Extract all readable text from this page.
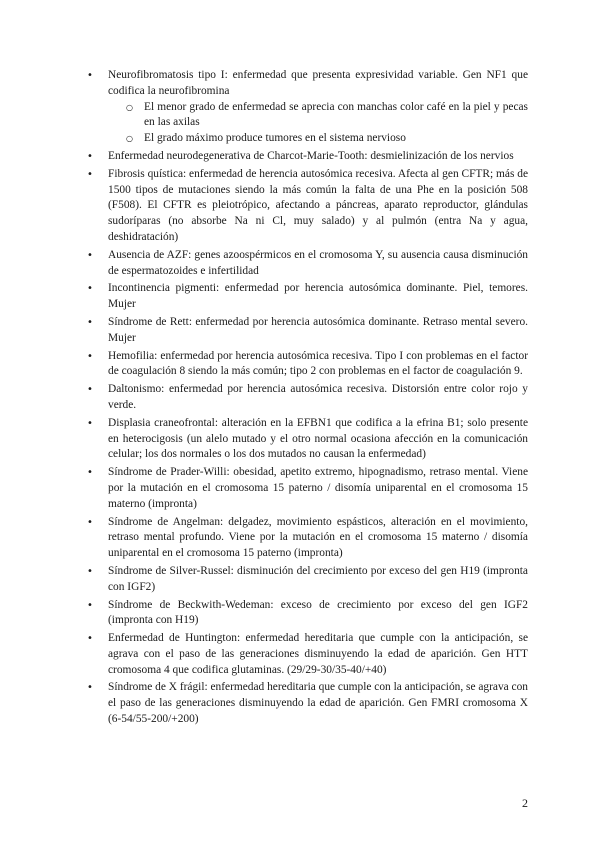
• Neurofibromatosis tipo I: enfermedad que presenta expresividad variable. Gen NF1 que codifica la neurofibromina
○ El menor grado de enfermedad se aprecia con manchas color café en la piel y pecas en las axilas
○ El grado máximo produce tumores en el sistema nervioso
• Enfermedad neurodegenerativa de Charcot-Marie-Tooth: desmielinización de los nervios
• Fibrosis quística: enfermedad de herencia autosómica recesiva. Afecta al gen CFTR; más de 1500 tipos de mutaciones siendo la más común la falta de una Phe en la posición 508 (F508). El CFTR es pleiotrópico, afectando a páncreas, aparato reproductor, glándulas sudoríparas (no absorbe Na ni Cl, muy salado) y al pulmón (entra Na y agua, deshidratación)
• Ausencia de AZF: genes azoospérmicos en el cromosoma Y, su ausencia causa disminución de espermatozoides e infertilidad
• Incontinencia pigmenti: enfermedad por herencia autosómica dominante. Piel, temores. Mujer
• Síndrome de Rett: enfermedad por herencia autosómica dominante. Retraso mental severo. Mujer
• Hemofilia: enfermedad por herencia autosómica recesiva. Tipo I con problemas en el factor de coagulación 8 siendo la más común; tipo 2 con problemas en el factor de coagulación 9.
• Daltonismo: enfermedad por herencia autosómica recesiva. Distorsión entre color rojo y verde.
• Displasia craneofrontal: alteración en la EFBN1 que codifica a la efrina B1; solo presente en heterocigosis (un alelo mutado y el otro normal ocasiona afección en la comunicación celular; los dos normales o los dos mutados no causan la enfermedad)
• Síndrome de Prader-Willi: obesidad, apetito extremo, hipognadismo, retraso mental. Viene por la mutación en el cromosoma 15 paterno / disomía uniparental en el cromosoma 15 materno (impronta)
• Síndrome de Angelman: delgadez, movimiento espásticos, alteración en el movimiento, retraso mental profundo. Viene por la mutación en el cromosoma 15 materno / disomía uniparental en el cromosoma 15 paterno (impronta)
• Síndrome de Silver-Russel: disminución del crecimiento por exceso del gen H19 (impronta con IGF2)
• Síndrome de Beckwith-Wedeman: exceso de crecimiento por exceso del gen IGF2 (impronta con H19)
• Enfermedad de Huntington: enfermedad hereditaria que cumple con la anticipación, se agrava con el paso de las generaciones disminuyendo la edad de aparición. Gen HTT cromosoma 4 que codifica glutaminas. (29/29-30/35-40/+40)
• Síndrome de X frágil: enfermedad hereditaria que cumple con la anticipación, se agrava con el paso de las generaciones disminuyendo la edad de aparición. Gen FMRI cromosoma X (6-54/55-200/+200)
2
